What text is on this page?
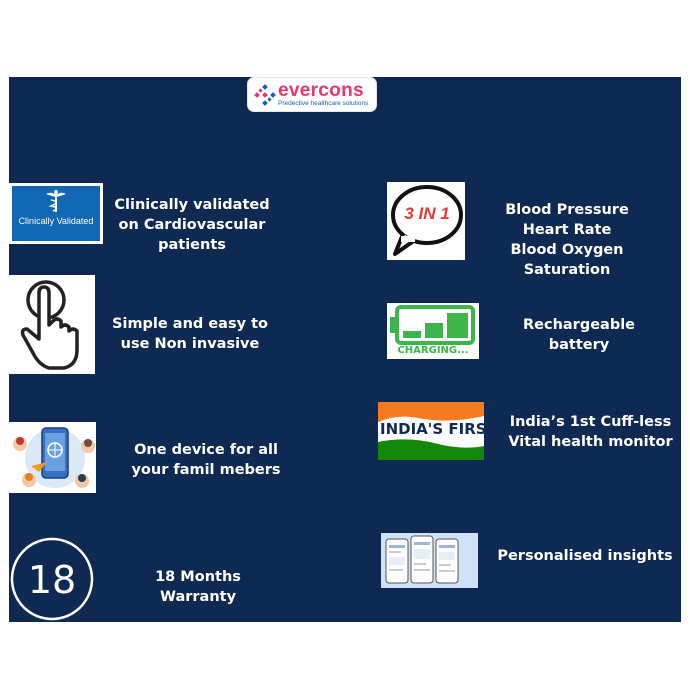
evercons
Predective healthcare solutions
Clinically Validated
Clinically validated on Cardiovascular patients
Simple and easy to use Non invasive
One device for all your famil mebers
18	18 Months Warranty
3 IN 1	Blood Pressure
Heart Rate
Blood Oxygen Saturation
CHARGING...
Rechargeable battery
INDIA'S FIRST India’s 1st Cuff-less Vital health monitor
Personalised insights
